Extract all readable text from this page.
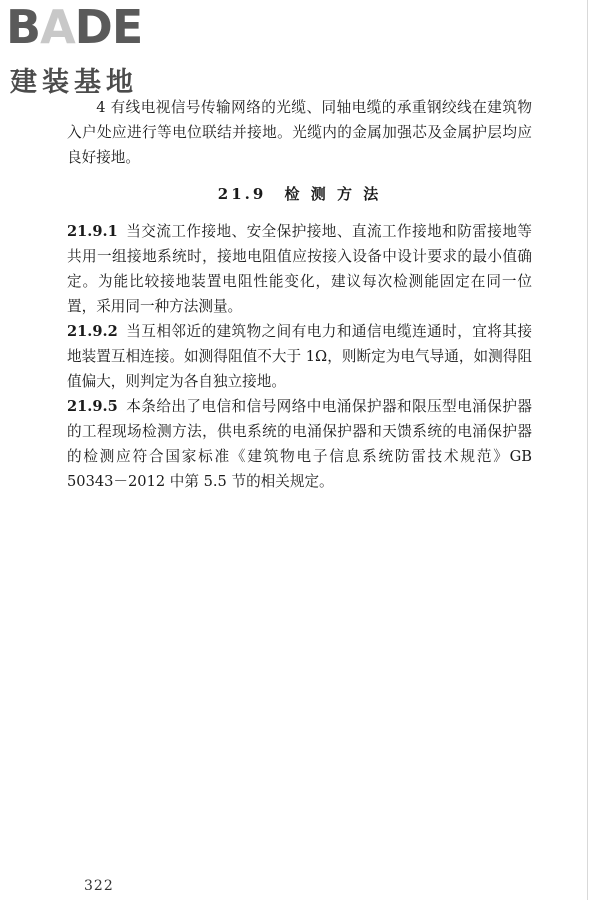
BADE
建装基地

4 有线电视信号传输网络的光缆、同轴电缆的承重钢绞线在建筑物入户处应进行等电位联结并接地。光缆内的金属加强芯及金属护层均应良好接地。

21.9 检 测 方 法

21.9.1 当交流工作接地、安全保护接地、直流工作接地和防雷接地等共用一组接地系统时，接地电阻值应按接入设备中设计要求的最小值确定。为能比较接地装置电阻性能变化，建议每次检测能固定在同一位置，采用同一种方法测量。

21.9.2 当互相邻近的建筑物之间有电力和通信电缆连通时，宜将其接地装置互相连接。如测得阻值不大于 1Ω，则断定为电气导通，如测得阻值偏大，则判定为各自独立接地。

21.9.5 本条给出了电信和信号网络中电涌保护器和限压型电涌保护器的工程现场检测方法，供电系统的电涌保护器和天馈系统的电涌保护器的检测应符合国家标准《建筑物电子信息系统防雷技术规范》GB 50343－2012 中第 5.5 节的相关规定。

322
